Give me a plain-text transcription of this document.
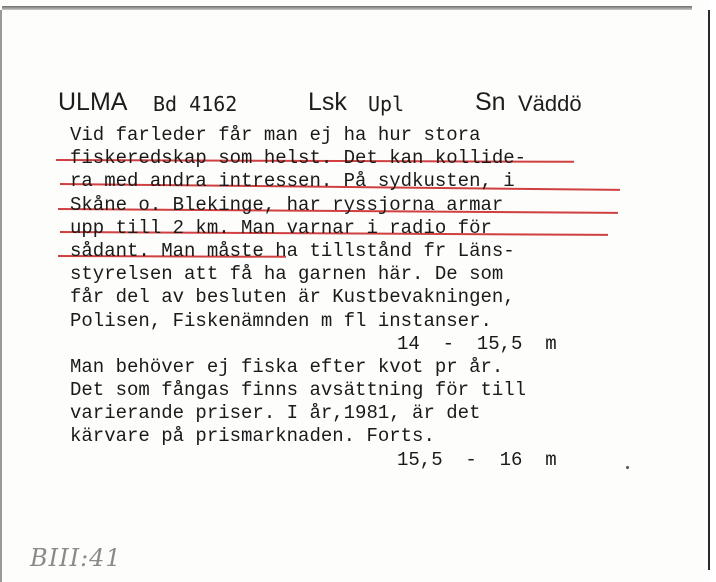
ULMA Bd 4162	Lsk Upl	Sn Väddö
Vid farleder får man ej ha hur stora
fiskeredskap som helst. Det kan kollide-
ra med andra intressen. På sydkusten, i
Skåne o. Blekinge, har ryssjorna armar
upp till 2 km. Man varnar i radio för
sådant. Man måste ha tillstånd fr Läns-
styrelsen att få ha garnen här. De som
får del av besluten är Kustbevakningen,
Polisen, Fiskenämnden m fl instanser.
14  -  15,5  m
Man behöver ej fiska efter kvot pr år.
Det som fångas finns avsättning för till
varierande priser. I år,1981, är det
kärvare på prismarknaden. Forts.
15,5  -  16  m
BIII:41
